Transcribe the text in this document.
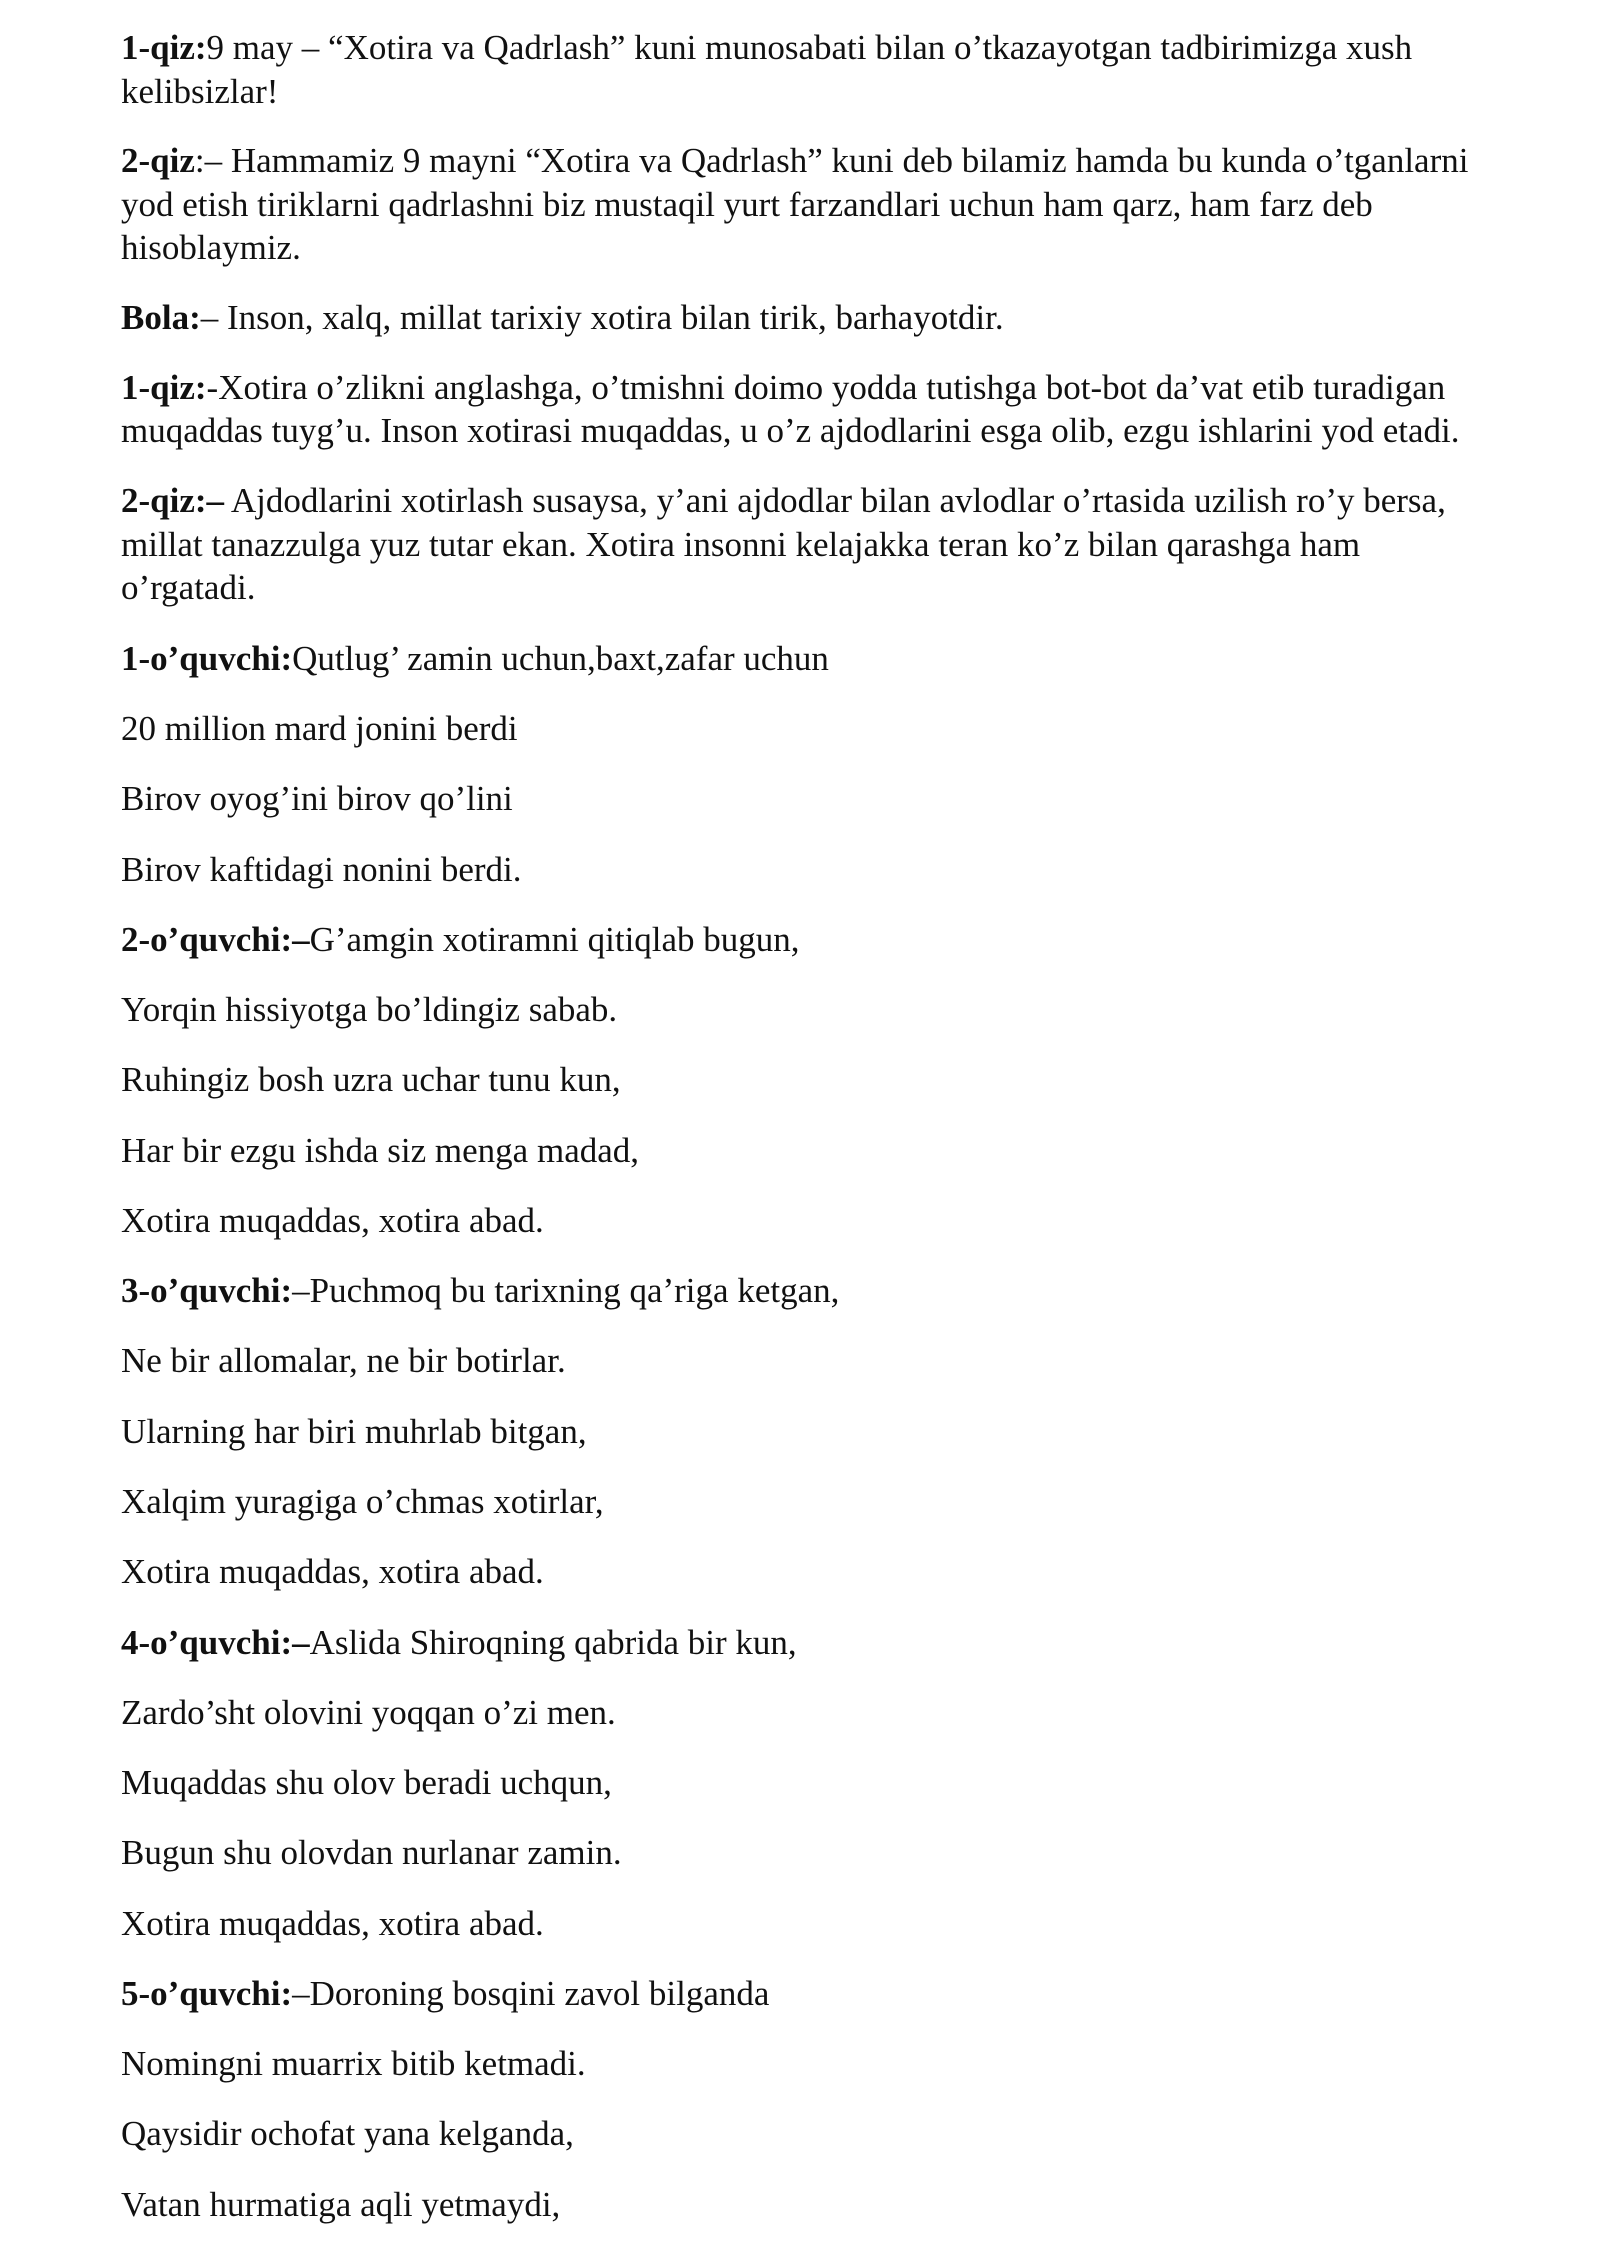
1-qiz:9 may – “Xotira va Qadrlash” kuni munosabati bilan o’tkazayotgan tadbirimizga xush
kelibsizlar!
2-qiz:– Hammamiz 9 mayni “Xotira va Qadrlash” kuni deb bilamiz hamda bu kunda o’tganlarni
yod etish tiriklarni qadrlashni biz mustaqil yurt farzandlari uchun ham qarz, ham farz deb
hisoblaymiz.
Bola:– Inson, xalq, millat tarixiy xotira bilan tirik, barhayotdir.
1-qiz:-Xotira o’zlikni anglashga, o’tmishni doimo yodda tutishga bot-bot da’vat etib turadigan
muqaddas tuyg’u. Inson xotirasi muqaddas, u o’z ajdodlarini esga olib, ezgu ishlarini yod etadi.
2-qiz:– Ajdodlarini xotirlash susaysa, y’ani ajdodlar bilan avlodlar o’rtasida uzilish ro’y bersa,
millat tanazzulga yuz tutar ekan. Xotira insonni kelajakka teran ko’z bilan qarashga ham
o’rgatadi.
1-o’quvchi:Qutlug’ zamin uchun,baxt,zafar uchun
20 million mard jonini berdi
Birov oyog’ini birov qo’lini
Birov kaftidagi nonini berdi.
2-o’quvchi:–G’amgin xotiramni qitiqlab bugun,
Yorqin hissiyotga bo’ldingiz sabab.
Ruhingiz bosh uzra uchar tunu kun,
Har bir ezgu ishda siz menga madad,
Xotira muqaddas, xotira abad.
3-o’quvchi:–Puchmoq bu tarixning qa’riga ketgan,
Ne bir allomalar, ne bir botirlar.
Ularning har biri muhrlab bitgan,
Xalqim yuragiga o’chmas xotirlar,
Xotira muqaddas, xotira abad.
4-o’quvchi:–Aslida Shiroqning qabrida bir kun,
Zardo’sht olovini yoqqan o’zi men.
Muqaddas shu olov beradi uchqun,
Bugun shu olovdan nurlanar zamin.
Xotira muqaddas, xotira abad.
5-o’quvchi:–Doroning bosqini zavol bilganda
Nomingni muarrix bitib ketmadi.
Qaysidir ochofat yana kelganda,
Vatan hurmatiga aqli yetmaydi,
